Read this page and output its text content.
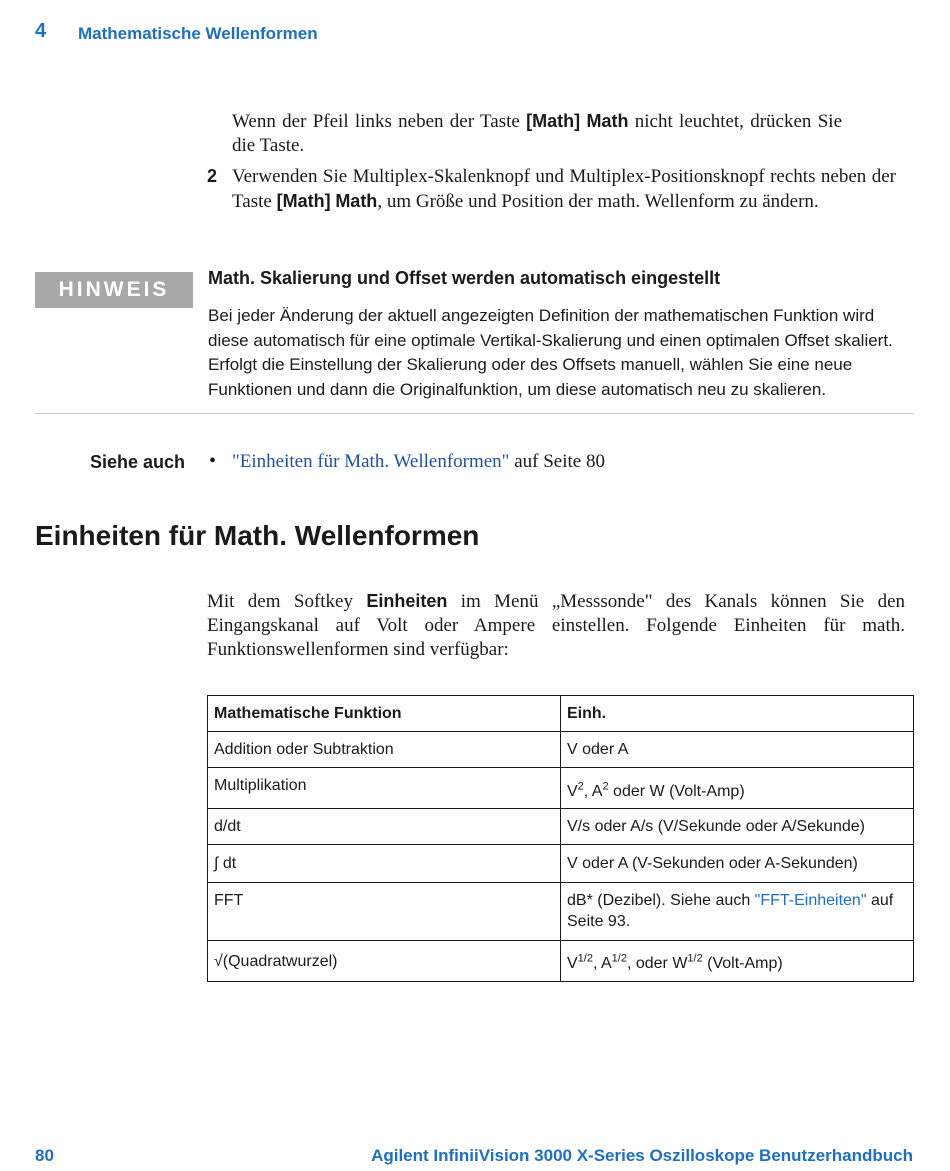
4 Mathematische Wellenformen
Wenn der Pfeil links neben der Taste [Math] Math nicht leuchtet, drücken Sie die Taste.
2 Verwenden Sie Multiplex-Skalenknopf und Multiplex-Positionsknopf rechts neben der Taste [Math] Math, um Größe und Position der math. Wellenform zu ändern.
HINWEIS	Math. Skalierung und Offset werden automatisch eingestellt
Bei jeder Änderung der aktuell angezeigten Definition der mathematischen Funktion wird diese automatisch für eine optimale Vertikal-Skalierung und einen optimalen Offset skaliert. Erfolgt die Einstellung der Skalierung oder des Offsets manuell, wählen Sie eine neue Funktionen und dann die Originalfunktion, um diese automatisch neu zu skalieren.
Siehe auch • "Einheiten für Math. Wellenformen" auf Seite 80
Einheiten für Math. Wellenformen
Mit dem Softkey Einheiten im Menü „Messsonde" des Kanals können Sie den Eingangskanal auf Volt oder Ampere einstellen. Folgende Einheiten für math. Funktionswellenformen sind verfügbar:
Mathematische Funktion	Einh.
Addition oder Subtraktion	V oder A
Multiplikation	$V^2$, $A^2$ oder W (Volt-Amp)
d/dt	V/s oder A/s (V/Sekunde oder A/Sekunde)
∫ dt	V oder A (V-Sekunden oder A-Sekunden)
FFT	dB* (Dezibel). Siehe auch "FFT-Einheiten" auf Seite 93.
√(Quadratwurzel)	$V^{1/2}$, $A^{1/2}$, oder $W^{1/2}$ (Volt-Amp)
80	Agilent InfiniiVision 3000 X-Series Oszilloskope Benutzerhandbuch
